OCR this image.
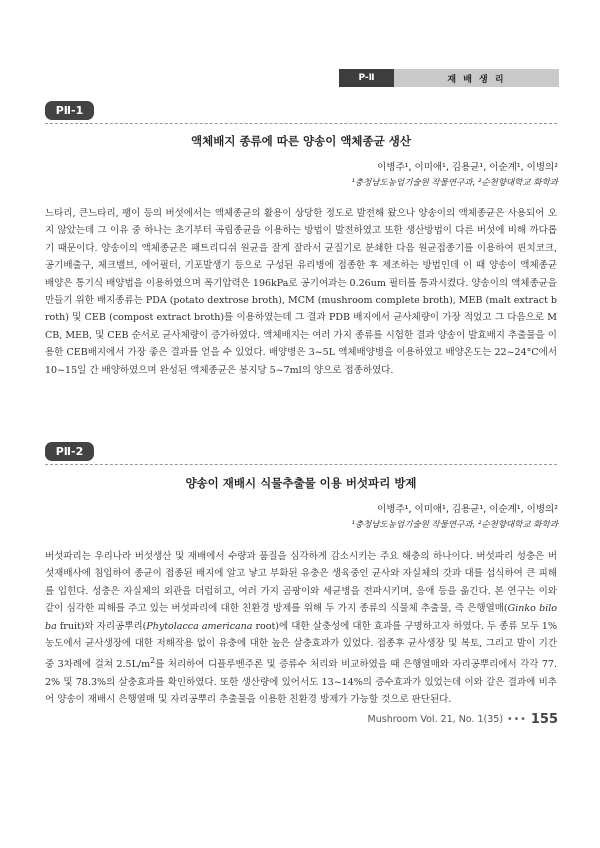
P-Ⅱ	재 배 생 리
PⅡ-1
액체배지 종류에 따른 양송이 액체종균 생산
이병주¹, 이미애¹, 김용균¹, 이순계¹, 이병의²
¹충청남도농업기술원 작물연구과, ²순천향대학교 화학과

느타리, 큰느타리, 팽이 등의 버섯에서는 액체종균의 활용이 상당한 정도로 발전해 왔으나 양송이의 액체종균은 사용되어 오지 않았는데 그 이유 중 하나는 초기부터 곡립종균을 이용하는 방법이 발전하였고 또한 생산방법이 다른 버섯에 비해 까다롭기 때문이다. 양송이의 액체종균은 패트리디쉬 원균을 잘게 잘라서 균질기로 분쇄한 다음 원균접종기를 이용하여 핀치코크, 공기배출구, 체크밸브, 에어필터, 기포발생기 등으로 구성된 유리병에 접종한 후 제조하는 방법인데 이 때 양송이 액체종균 배양은 통기식 배양법을 이용하였으며 폭기압력은 196kPa로 공기여과는 0.26um 필터를 통과시켰다. 양송이의 액체종균을 만들기 위한 배지종류는 PDA (potato dextrose broth), MCM (mushroom complete broth), MEB (malt extract broth) 및 CEB (compost extract broth)를 이용하였는데 그 결과 PDB 배지에서 균사체량이 가장 적었고 그 다음으로 MCB, MEB, 및 CEB 순서로 균사체량이 증가하였다. 액체배지는 여러 가지 종류를 시험한 결과 양송이 발효배지 추출물을 이용한 CEB배지에서 가장 좋은 결과를 얻을 수 있었다. 배양병은 3~5L 액체배양병을 이용하였고 배양온도는 22~24°C에서 10~15일 간 배양하였으며 완성된 액체종균은 봉지당 5~7ml의 양으로 접종하였다.

PⅡ-2
양송이 재배시 식물추출물 이용 버섯파리 방제
이병주¹, 이미애¹, 김용균¹, 이순계¹, 이병의²
¹충청남도농업기술원 작물연구과, ²순천향대학교 화학과

버섯파리는 우리나라 버섯생산 및 재배에서 수량과 품질을 심각하게 감소시키는 주요 해충의 하나이다. 버섯파리 성충은 버섯재배사에 침입하여 종균이 접종된 배지에 알고 낳고 부화된 유충은 생육중인 균사와 자실체의 갓과 대를 섭식하여 큰 피해를 입힌다. 성충은 자실체의 외관을 더럽히고, 여러 가지 곰팡이와 세균병을 전파시키며, 응애 등을 옮긴다. 본 연구는 이와 같이 심각한 피해를 주고 있는 버섯파리에 대한 친환경 방제를 위해 두 가지 종류의 식물체 추출물, 즉 은행열매(Ginko biloba fruit)와 자리공뿌리(Phytolacca americana root)에 대한 살충성에 대한 효과를 구명하고자 하였다. 두 종류 모두 1% 농도에서 균사생장에 대한 저해작용 없이 유충에 대한 높은 살충효과가 있었다. 접종후 균사생장 및 복토, 그리고 발이 기간 중 3차례에 걸쳐 $2.5L/m^2$를 처리하여 디플루벤주론 및 증류수 처리와 비교하였을 때 은행열매와 자리공뿌리에서 각각 77.2% 및 78.3%의 살충효과를 확인하였다. 또한 생산량에 있어서도 13~14%의 증수효과가 있었는데 이와 같은 결과에 비추어 양송이 재배시 은행열매 및 자리공뿌리 추출물을 이용한 친환경 방제가 가능할 것으로 판단된다.

Mushroom Vol. 21, No. 1(35) ••• 155
